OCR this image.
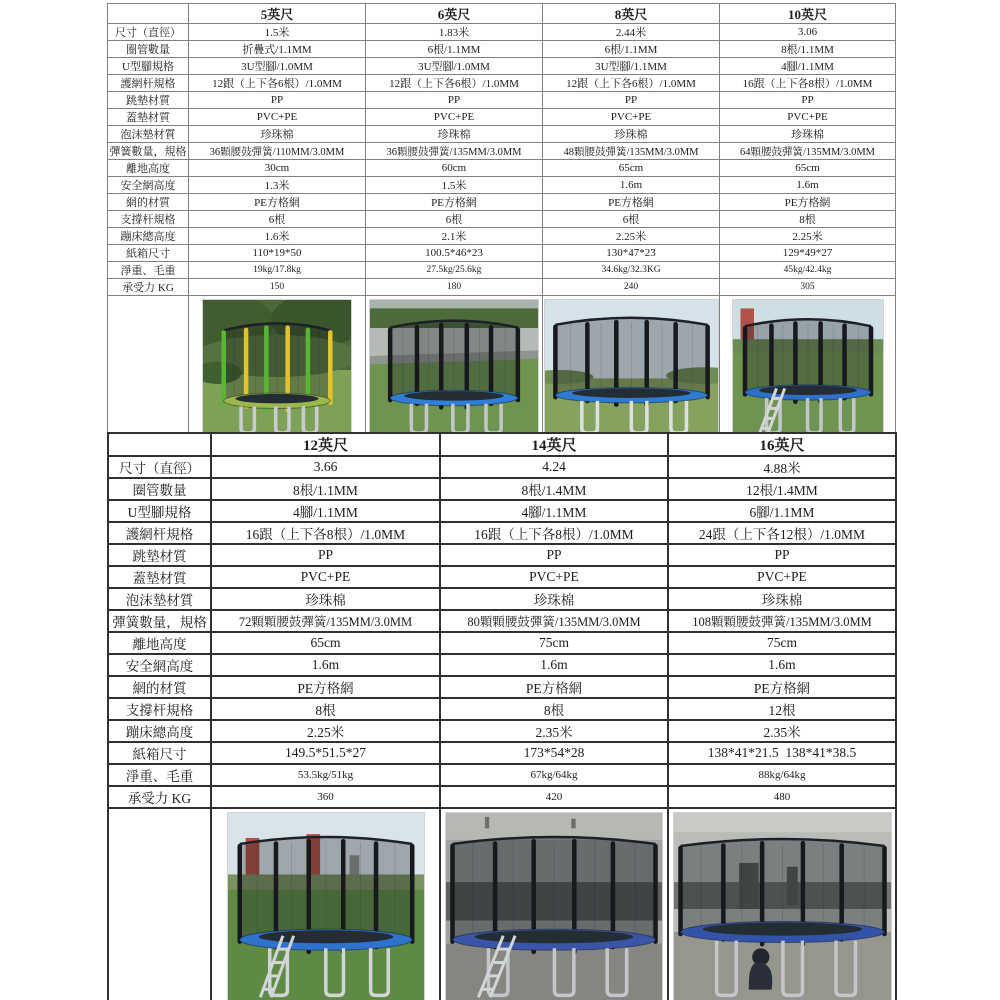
	5英尺	6英尺	8英尺	10英尺
尺寸（直徑）	1.5米	1.83米	2.44米	3.06
圈管數量	折疊式/1.1MM	6根/1.1MM	6根/1.1MM	8根/1.1MM
U型腳規格	3U型腳/1.0MM	3U型腳/1.0MM	3U型腳/1.1MM	4腳/1.1MM
護網杆規格	12跟（上下各6根）/1.0MM	12跟（上下各6根）/1.0MM	12跟（上下各6根）/1.0MM	16跟（上下各8根）/1.0MM
跳墊材質	PP	PP	PP	PP
蓋墊材質	PVC+PE	PVC+PE	PVC+PE	PVC+PE
泡沫墊材質	珍珠棉	珍珠棉	珍珠棉	珍珠棉
彈簧數量，規格	36顆腰鼓彈簧/110MM/3.0MM	36顆腰鼓彈簧/135MM/3.0MM	48顆腰鼓彈簧/135MM/3.0MM	64顆腰鼓彈簧/135MM/3.0MM
離地高度	30cm	60cm	65cm	65cm
安全網高度	1.3米	1.5米	1.6m	1.6m
網的材質	PE方格網	PE方格網	PE方格網	PE方格網
支撐杆規格	6根	6根	6根	8根
蹦床總高度	1.6米	2.1米	2.25米	2.25米
紙箱尺寸	110*19*50	100.5*46*23	130*47*23	129*49*27
淨重、毛重	19kg/17.8kg	27.5kg/25.6kg	34.6kg/32.3KG	45kg/42.4kg
承受力 KG	150	180	240	305

	12英尺	14英尺	16英尺
尺寸（直徑）	3.66	4.24	4.88米
圈管數量	8根/1.1MM	8根/1.4MM	12根/1.4MM
U型腳規格	4腳/1.1MM	4腳/1.1MM	6腳/1.1MM
護網杆規格	16跟（上下各8根）/1.0MM	16跟（上下各8根）/1.0MM	24跟（上下各12根）/1.0MM
跳墊材質	PP	PP	PP
蓋墊材質	PVC+PE	PVC+PE	PVC+PE
泡沫墊材質	珍珠棉	珍珠棉	珍珠棉
彈簧數量，規格	72顆顆腰鼓彈簧/135MM/3.0MM	80顆顆腰鼓彈簧/135MM/3.0MM	108顆顆腰鼓彈簧/135MM/3.0MM
離地高度	65cm	75cm	75cm
安全網高度	1.6m	1.6m	1.6m
網的材質	PE方格網	PE方格網	PE方格網
支撐杆規格	8根	8根	12根
蹦床總高度	2.25米	2.35米	2.35米
紙箱尺寸	149.5*51.5*27	173*54*28	138*41*21.5 138*41*38.5
淨重、毛重	53.5kg/51kg	67kg/64kg	88kg/64kg
承受力 KG	360	420	480
